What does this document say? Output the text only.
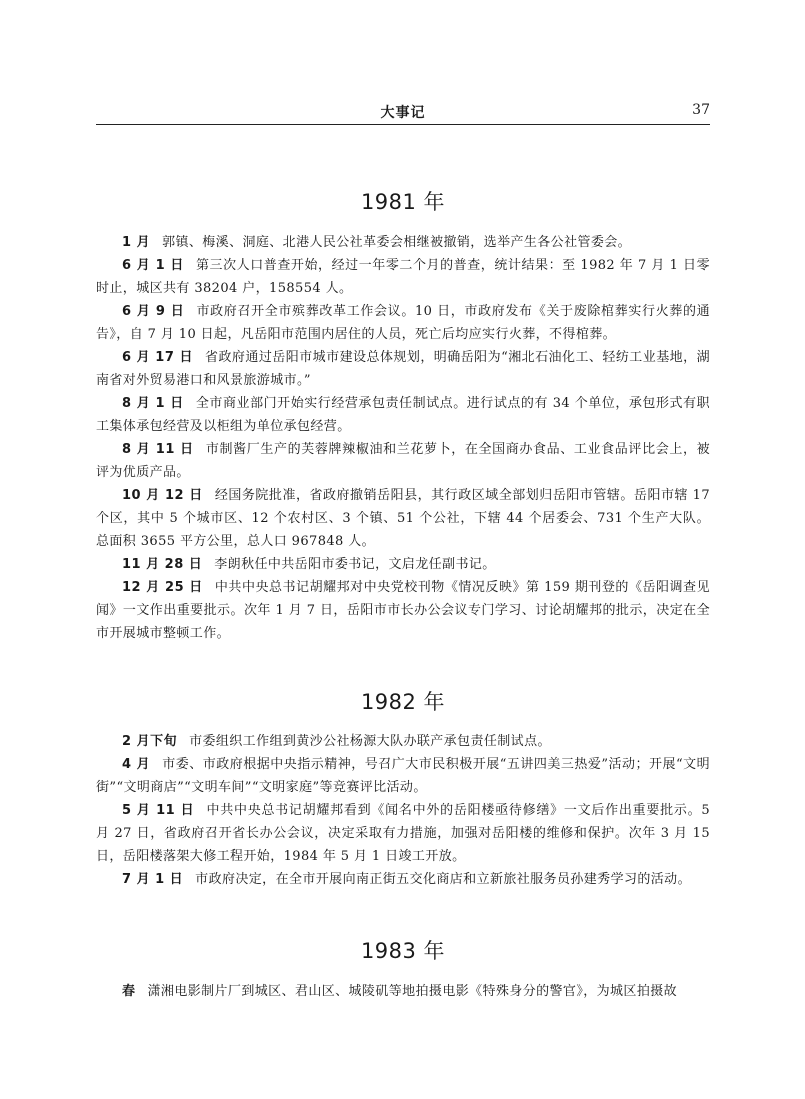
大事记	37
1981 年

1 月 郭镇、梅溪、洞庭、北港人民公社革委会相继被撤销，选举产生各公社管委会。

6 月 1 日 第三次人口普查开始，经过一年零二个月的普查，统计结果：至 1982 年 7 月 1 日零时止，城区共有 38204 户，158554 人。

6 月 9 日 市政府召开全市殡葬改革工作会议。10 日，市政府发布《关于废除棺葬实行火葬的通告》，自 7 月 10 日起，凡岳阳市范围内居住的人员，死亡后均应实行火葬，不得棺葬。

6 月 17 日 省政府通过岳阳市城市建设总体规划，明确岳阳为“湘北石油化工、轻纺工业基地，湖南省对外贸易港口和风景旅游城市。”

8 月 1 日 全市商业部门开始实行经营承包责任制试点。进行试点的有 34 个单位，承包形式有职工集体承包经营及以柜组为单位承包经营。

8 月 11 日 市制酱厂生产的芙蓉牌辣椒油和兰花萝卜，在全国商办食品、工业食品评比会上，被评为优质产品。

10 月 12 日 经国务院批准，省政府撤销岳阳县，其行政区域全部划归岳阳市管辖。岳阳市辖 17 个区，其中 5 个城市区、12 个农村区、3 个镇、51 个公社，下辖 44 个居委会、731 个生产大队。总面积 3655 平方公里，总人口 967848 人。

11 月 28 日 李朗秋任中共岳阳市委书记，文启龙任副书记。

12 月 25 日 中共中央总书记胡耀邦对中央党校刊物《情况反映》第 159 期刊登的《岳阳调查见闻》一文作出重要批示。次年 1 月 7 日，岳阳市市长办公会议专门学习、讨论胡耀邦的批示，决定在全市开展城市整顿工作。

1982 年

2 月下旬 市委组织工作组到黄沙公社杨源大队办联产承包责任制试点。

4 月 市委、市政府根据中央指示精神，号召广大市民积极开展“五讲四美三热爱”活动；开展“文明街”“文明商店”“文明车间”“文明家庭”等竞赛评比活动。

5 月 11 日 中共中央总书记胡耀邦看到《闻名中外的岳阳楼亟待修缮》一文后作出重要批示。5 月 27 日，省政府召开省长办公会议，决定采取有力措施，加强对岳阳楼的维修和保护。次年 3 月 15 日，岳阳楼落架大修工程开始，1984 年 5 月 1 日竣工开放。

7 月 1 日 市政府决定，在全市开展向南正街五交化商店和立新旅社服务员孙建秀学习的活动。

1983 年

春 潇湘电影制片厂到城区、君山区、城陵矶等地拍摄电影《特殊身分的警官》，为城区拍摄故
